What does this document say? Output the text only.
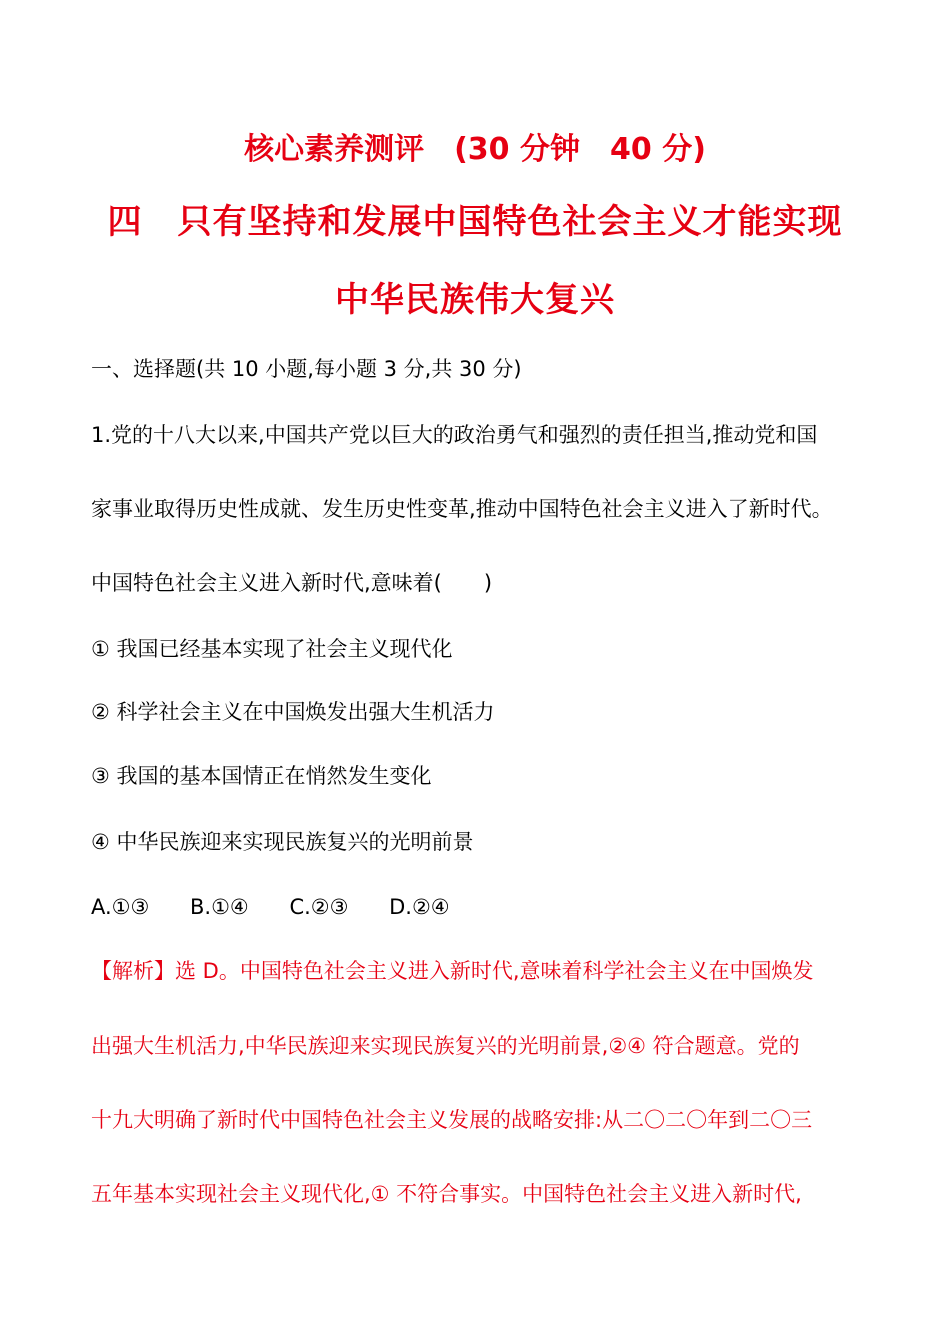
核心素养测评　(30 分钟　40 分)
四　只有坚持和发展中国特色社会主义才能实现
中华民族伟大复兴
一、选择题(共 10 小题,每小题 3 分,共 30 分)
1.党的十八大以来,中国共产党以巨大的政治勇气和强烈的责任担当,推动党和国
家事业取得历史性成就、发生历史性变革,推动中国特色社会主义进入了新时代。
中国特色社会主义进入新时代,意味着(　　)
① 我国已经基本实现了社会主义现代化
② 科学社会主义在中国焕发出强大生机活力
③ 我国的基本国情正在悄然发生变化
④ 中华民族迎来实现民族复兴的光明前景
A.①③ B.①④ C.②③ D.②④
【解析】选 D。中国特色社会主义进入新时代,意味着科学社会主义在中国焕发
出强大生机活力,中华民族迎来实现民族复兴的光明前景,②④ 符合题意。党的
十九大明确了新时代中国特色社会主义发展的战略安排:从二〇二〇年到二〇三
五年基本实现社会主义现代化,① 不符合事实。中国特色社会主义进入新时代,
